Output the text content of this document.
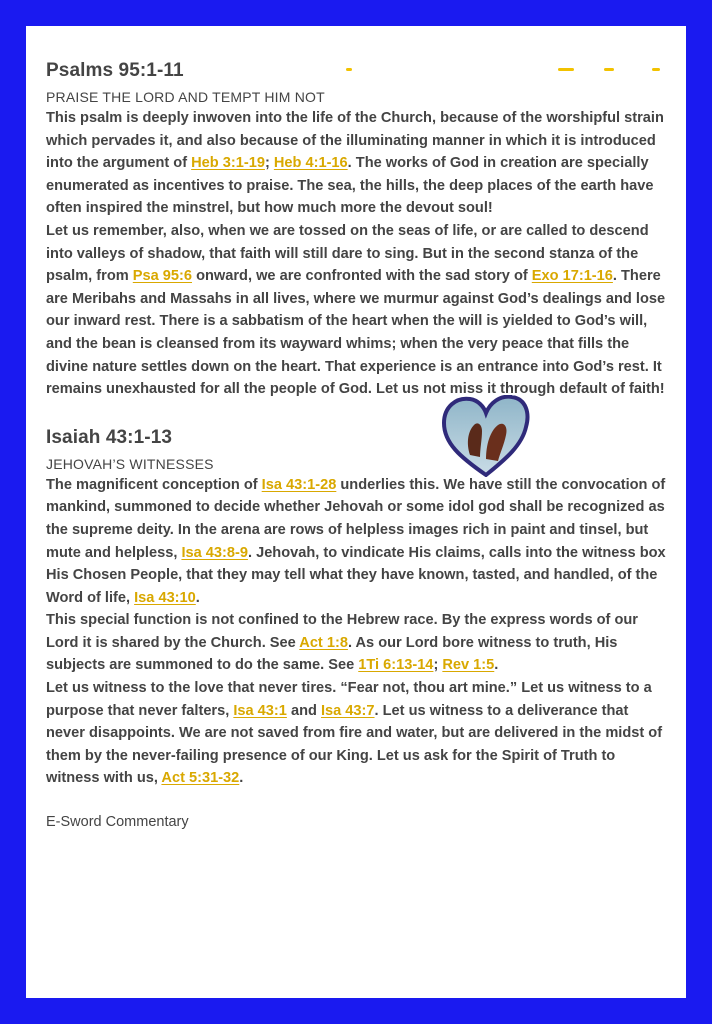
Psalms 95:1-11
PRAISE THE LORD AND TEMPT HIM NOT

This psalm is deeply inwoven into the life of the Church, because of the worshipful strain which pervades it, and also because of the illuminating manner in which it is introduced into the argument of Heb 3:1-19; Heb 4:1-16. The works of God in creation are specially enumerated as incentives to praise. The sea, the hills, the deep places of the earth have often inspired the minstrel, but how much more the devout soul!

Let us remember, also, when we are tossed on the seas of life, or are called to descend into valleys of shadow, that faith will still dare to sing. But in the second stanza of the psalm, from Psa 95:6 onward, we are confronted with the sad story of Exo 17:1-16. There are Meribahs and Massahs in all lives, where we murmur against God’s dealings and lose our inward rest. There is a sabbatism of the heart when the will is yielded to God’s will, and the bean is cleansed from its wayward whims; when the very peace that fills the divine nature settles down on the heart. That experience is an entrance into God’s rest. It remains unexhausted for all the people of God. Let us not miss it through default of faith!

Isaiah 43:1-13
JEHOVAH’S WITNESSES

The magnificent conception of Isa 43:1-28 underlies this. We have still the convocation of mankind, summoned to decide whether Jehovah or some idol god shall be recognized as the supreme deity. In the arena are rows of helpless images rich in paint and tinsel, but mute and helpless, Isa 43:8-9. Jehovah, to vindicate His claims, calls into the witness box His Chosen People, that they may tell what they have known, tasted, and handled, of the Word of life, Isa 43:10.

This special function is not confined to the Hebrew race. By the express words of our Lord it is shared by the Church. See Act 1:8. As our Lord bore witness to truth, His subjects are summoned to do the same. See 1Ti 6:13-14; Rev 1:5.

Let us witness to the love that never tires. “Fear not, thou art mine.” Let us witness to a purpose that never falters, Isa 43:1 and Isa 43:7. Let us witness to a deliverance that never disappoints. We are not saved from fire and water, but are delivered in the midst of them by the never-failing presence of our King. Let us ask for the Spirit of Truth to witness with us, Act 5:31-32.

E-Sword Commentary
